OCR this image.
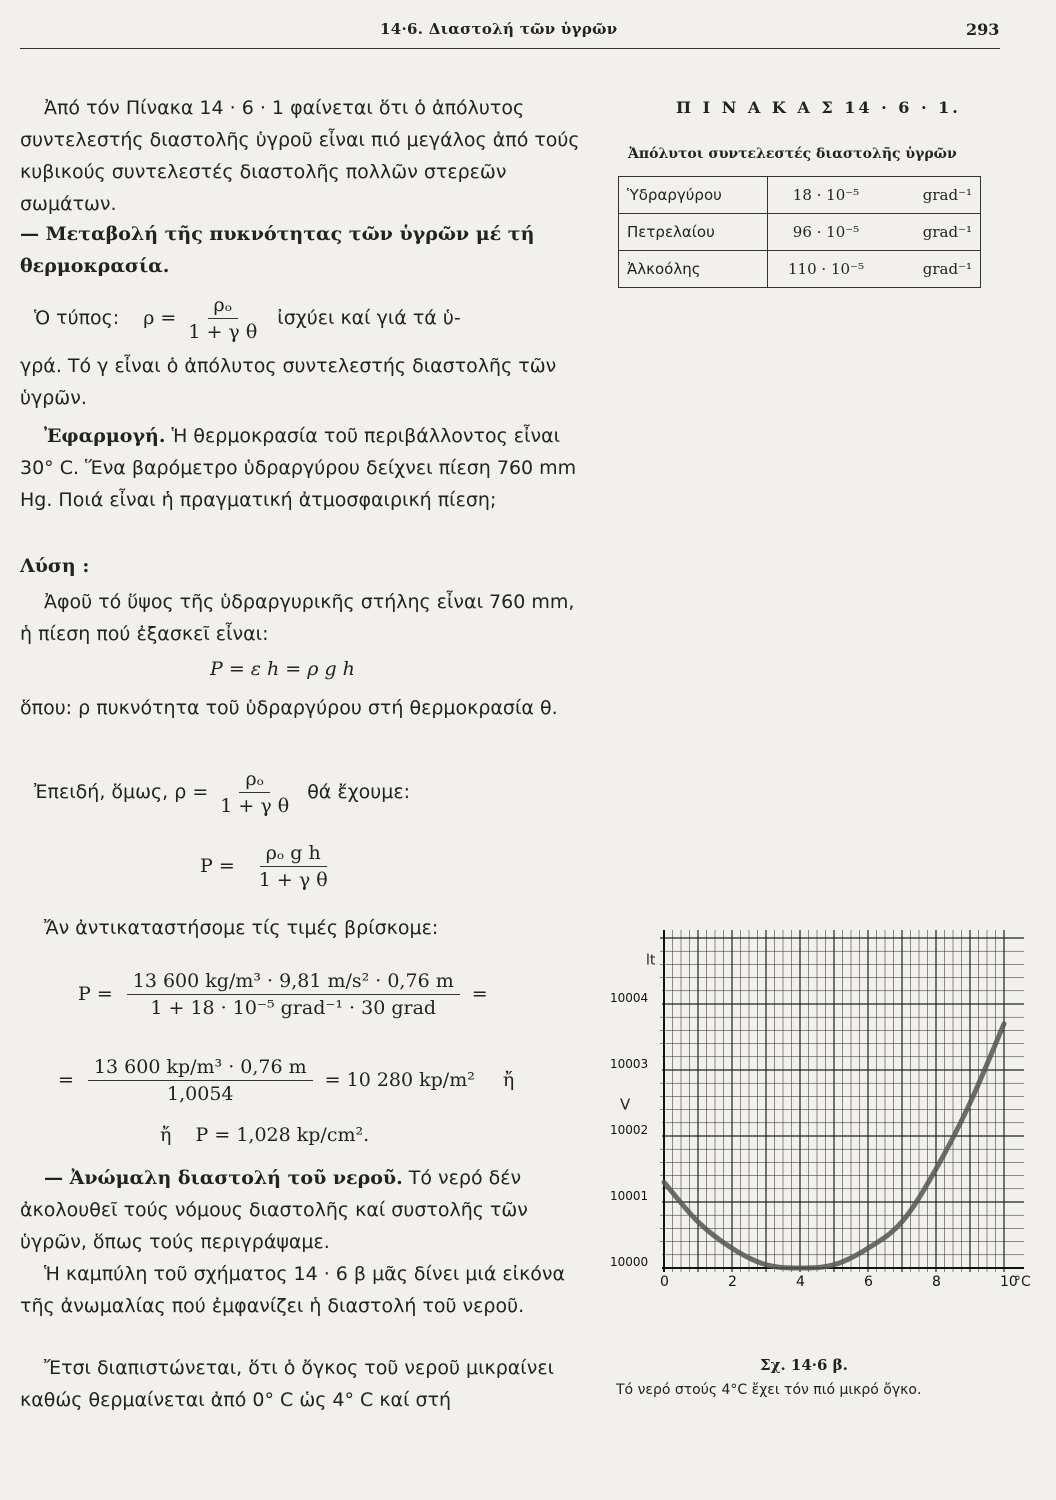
14·6. Διαστολή τῶν ὑγρῶν	293

Ἀπό τόν Πίνακα 14 · 6 · 1 φαίνεται ὅτι ὁ ἀπόλυτος συντελεστής διαστολῆς ὑγροῦ εἶναι πιό μεγάλος ἀπό τούς κυβικούς συντελεστές διαστολῆς πολλῶν στερεῶν σωμάτων.

— Μεταβολή τῆς πυκνότητας τῶν ὑγρῶν μέ τή θερμοκρασία.

Ὁ τύπος: $\rho = \frac{\text{ρₒ}}{\text{1 + γ θ}}$ ἰσχύει καί γιά τά ὑ-

γρά. Τό γ εἶναι ὁ ἀπόλυτος συντελεστής διαστολῆς τῶν ὑγρῶν.

Ἐφαρμογή. Ἡ θερμοκρασία τοῦ περιβάλλοντος εἶναι 30° C. Ἕνα βαρόμετρο ὑδραργύρου δείχνει πίεση 760 mm Hg. Ποιά εἶναι ἡ πραγματική ἀτμοσφαιρική πίεση;

Λύση :

Ἀφοῦ τό ὕψος τῆς ὑδραργυρικῆς στήλης εἶναι 760 mm, ἡ πίεση πού ἐξασκεῖ εἶναι:

P = ε h = ρ g h

ὅπου: ρ πυκνότητα τοῦ ὑδραργύρου στή θερμοκρασία θ.

Ἐπειδή, ὅμως, $\rho = \frac{\text{ρₒ}}{\text{1 + γ θ}}$ θά ἔχουμε:
$P = \frac{\text{ρₒ g h}}{\text{1 + γ θ}}$

Ἄν ἀντικαταστήσομε τίς τιμές βρίσκομε:

$P = \frac{\text{13 600 kg/m³ · 9,81 m/s² · 0,76 m}}{\text{1 + 18 · 10⁻⁵ grad⁻¹ · 30 grad}}$ =
= $\frac{\text{13 600 kp/m³ · 0,76 m}}{1,0054} = 10$ 280 kp/m² ἤ
ἤ    P = 1,028 kp/cm².

— Ἀνώμαλη διαστολή τοῦ νεροῦ. Τό νερό δέν ἀκολουθεῖ τούς νόμους διαστολῆς καί συστολῆς τῶν ὑγρῶν, ὅπως τούς περιγράψαμε.

Ἡ καμπύλη τοῦ σχήματος 14 · 6 β μᾶς δίνει μιά εἰκόνα τῆς ἀνωμαλίας πού ἐμφανίζει ἡ διαστολή τοῦ νεροῦ.

Ἔτσι διαπιστώνεται, ὅτι ὁ ὄγκος τοῦ νεροῦ μικραίνει καθώς θερμαίνεται ἀπό 0° C ὡς 4° C καί στή

Π Ι Ν Α Κ Α Σ 14 · 6 · 1.
Ἀπόλυτοι συντελεστές διαστολῆς ὑγρῶν
Ὑδραργύρου	18 · 10⁻⁵	grad⁻¹
Πετρελαίου	96 · 10⁻⁵	grad⁻¹
Ἀλκοόλης	110 · 10⁻⁵	grad⁻¹
10000
10001
10002
10003
10004
0	2	4	6	8	10
lt
V
°C
Σχ. 14·6 β.
Τό νερό στούς 4°C ἔχει τόν πιό μικρό ὄγκο.
